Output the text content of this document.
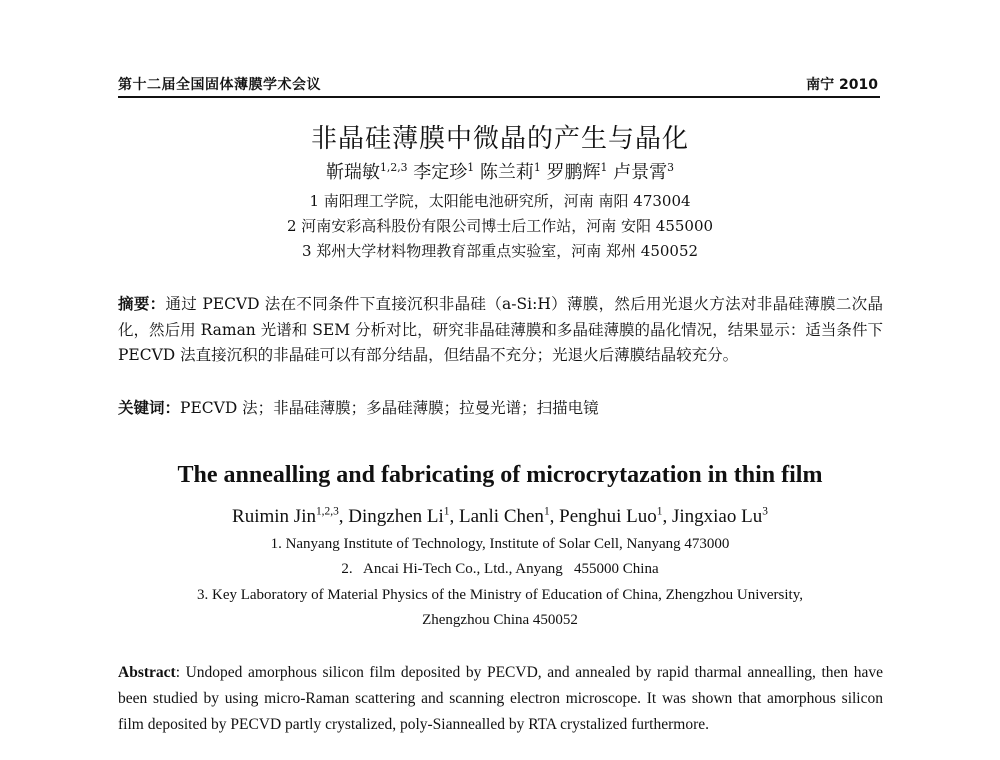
第十二届全国固体薄膜学术会议	南宁 2010
非晶硅薄膜中微晶的产生与晶化
靳瑞敏$^{1,2,3}$ 李定珍$^1$ 陈兰莉$^1$ 罗鹏辉$^1$ 卢景霄$^3$
1 南阳理工学院，太阳能电池研究所，河南 南阳 473004
2 河南安彩高科股份有限公司博士后工作站，河南 安阳 455000
3 郑州大学材料物理教育部重点实验室，河南 郑州 450052
摘要：通过 PECVD 法在不同条件下直接沉积非晶硅（a-Si:H）薄膜，然后用光退火方法对非晶硅薄膜二次晶化，然后用 Raman 光谱和 SEM 分析对比，研究非晶硅薄膜和多晶硅薄膜的晶化情况，结果显示：适当条件下 PECVD 法直接沉积的非晶硅可以有部分结晶，但结晶不充分；光退火后薄膜结晶较充分。
关键词：PECVD 法；非晶硅薄膜；多晶硅薄膜；拉曼光谱；扫描电镜
The annealling and fabricating of microcrytazation in thin film
Ruimin Jin$^{1,2,3}$, Dingzhen Li$^1$, Lanli Chen$^1$, Penghui Luo$^1$, Jingxiao Lu$^3$
1. Nanyang Institute of Technology, Institute of Solar Cell, Nanyang 473000
2.   Ancai Hi-Tech Co., Ltd., Anyang   455000 China
3. Key Laboratory of Material Physics of the Ministry of Education of China, Zhengzhou University,
Zhengzhou China 450052
Abstract: Undoped amorphous silicon film deposited by PECVD, and annealed by rapid tharmal annealling, then have been studied by using micro-Raman scattering and scanning electron microscope. It was shown that amorphous silicon film deposited by PECVD partly crystalized, poly-Siannealled by RTA crystalized furthermore.
